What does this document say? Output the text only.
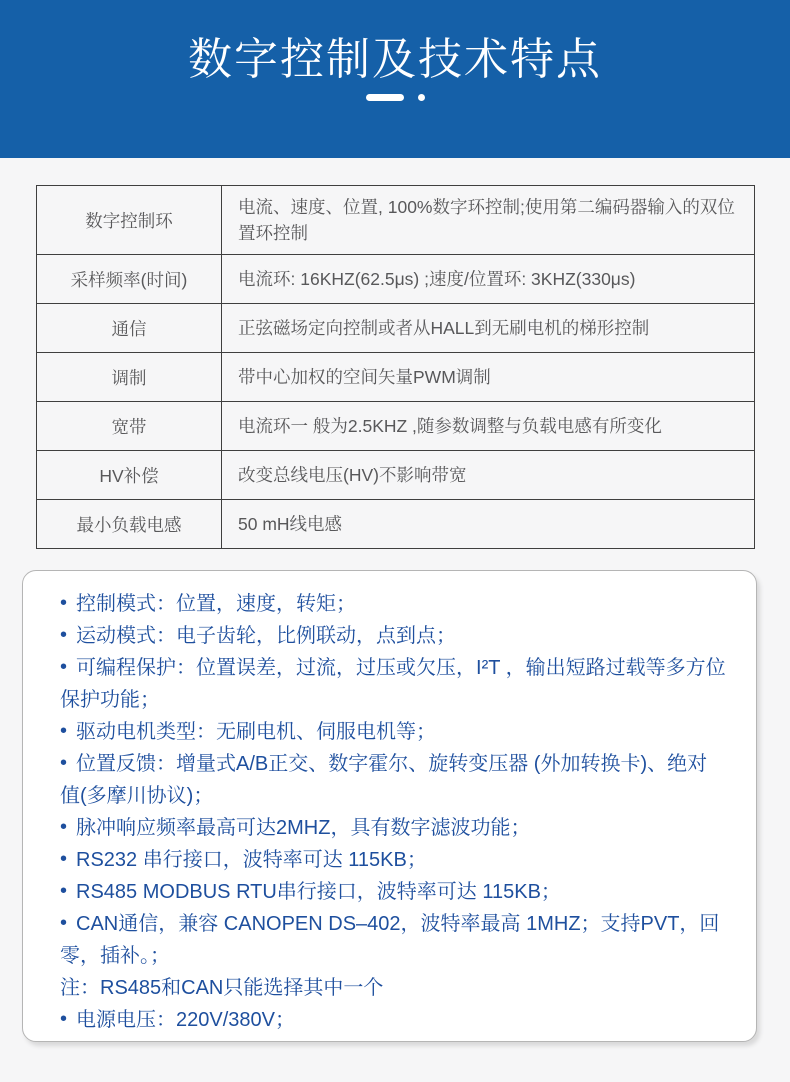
数字控制及技术特点
数字控制环	电流、速度、位置, 100%数字环控制;使用第二编码器输入的双位置环控制
采样频率(时间)	电流环: 16KHZ(62.5μs) ;速度/位置环: 3KHZ(330μs)
通信	正弦磁场定向控制或者从HALL到无刷电机的梯形控制
调制	带中心加权的空间矢量PWM调制
宽带	电流环一 般为2.5KHZ ,随参数调整与负载电感有所变化
HV补偿	改变总线电压(HV)不影响带宽
最小负载电感	50 mH线电感

• 控制模式：位置，速度，转矩；

• 运动模式：电子齿轮，比例联动，点到点；

• 可编程保护：位置误差，过流，过压或欠压，I²T ，输出短路过载等多方位保护功能；

• 驱动电机类型：无刷电机、伺服电机等；

• 位置反馈：增量式A/B正交、数字霍尔、旋转变压器 (外加转换卡)、绝对值(多摩川协议)；

• 脉冲响应频率最高可达2MHZ，具有数字滤波功能；

• RS232 串行接口，波特率可达 115KB；

• RS485 MODBUS RTU串行接口，波特率可达 115KB；

• CAN通信，兼容 CANOPEN DS–402，波特率最高 1MHZ；支持PVT，回零，插补。；

注：RS485和CAN只能选择其中一个

• 电源电压：220V/380V；
